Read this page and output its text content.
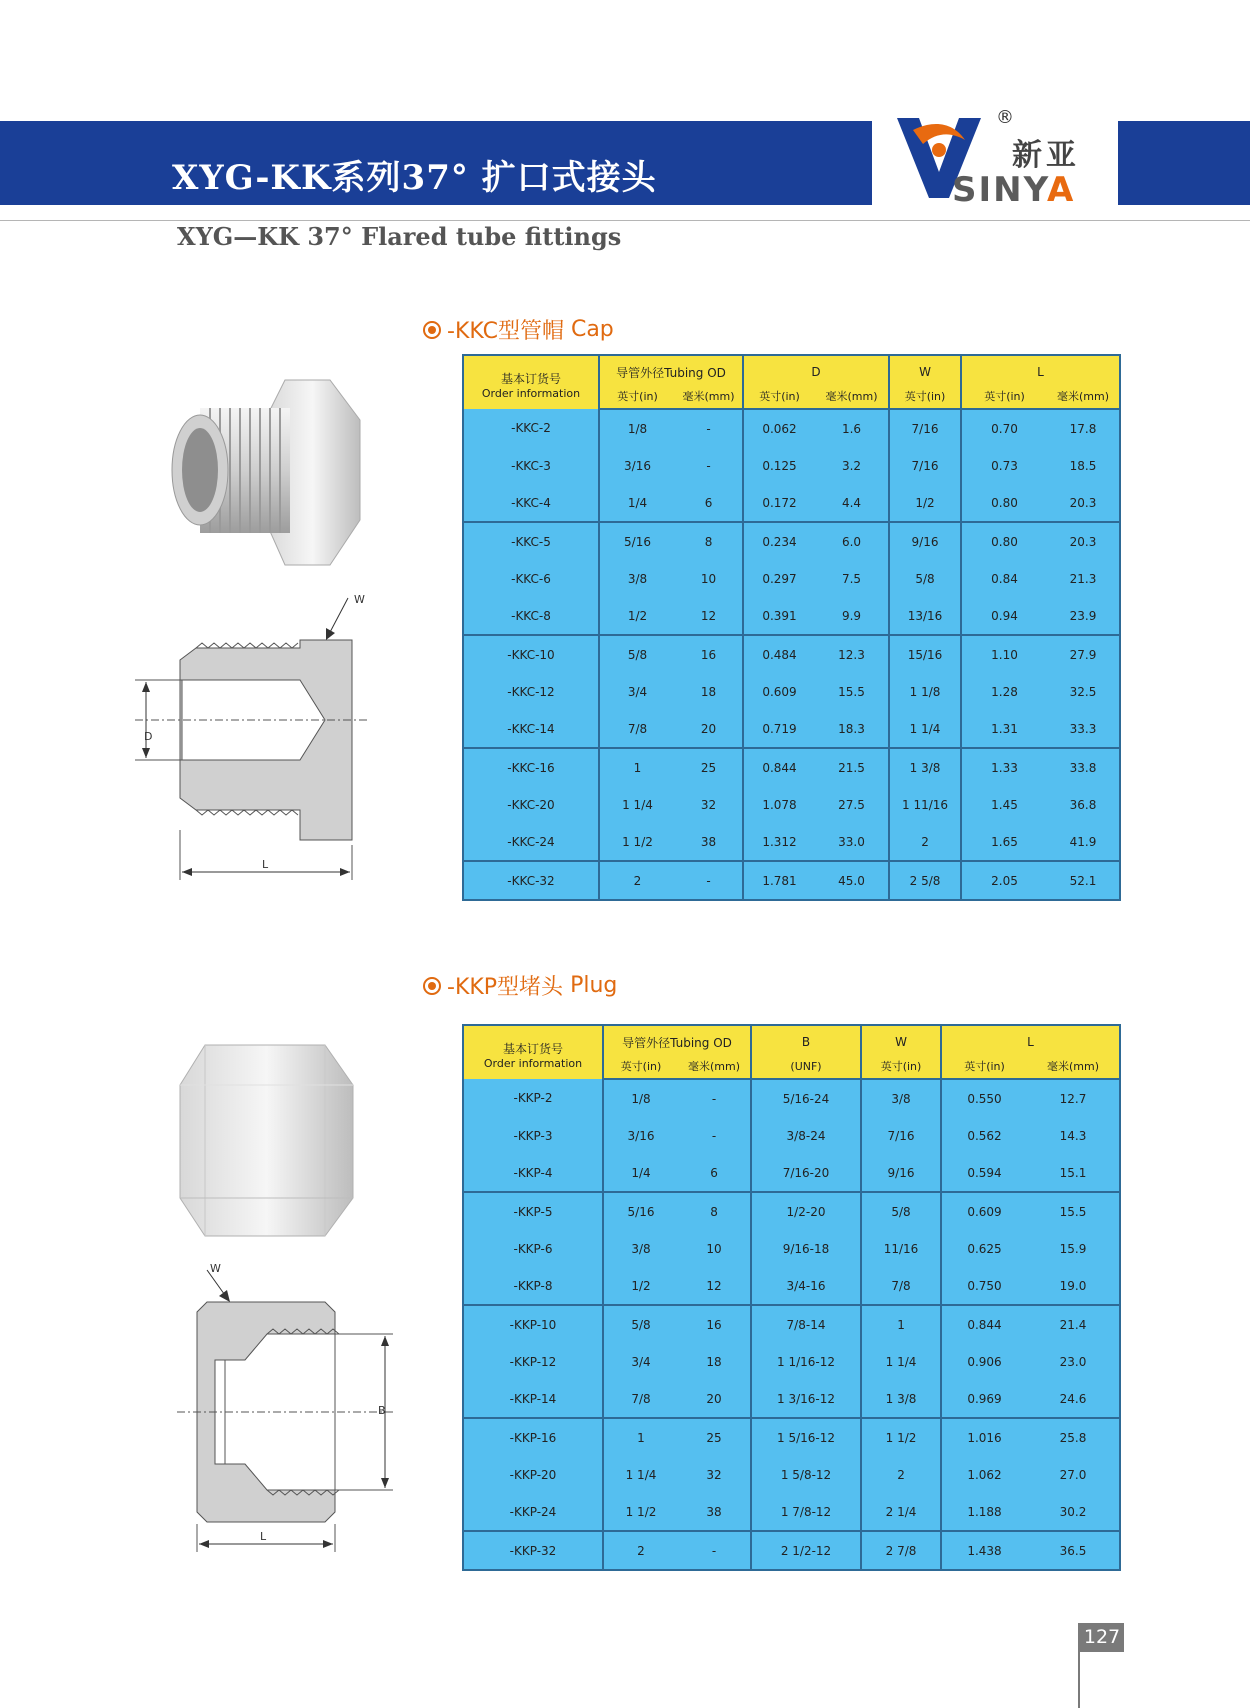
XYG-KK系列37° 扩口式接头
XYG—KK 37° Flared tube fittings
®
新亚
SINYA
-KKC型管帽
Cap
W
D
L
基本订货号
Order information	导管外径Tubing OD		D		W	L	
	英寸(in)	毫米(mm)	英寸(in)	毫米(mm)	英寸(in)	英寸(in)	毫米(mm)
-KKC-2	1/8	-	0.062	1.6	7/16	0.70	17.8
-KKC-3	3/16	-	0.125	3.2	7/16	0.73	18.5
-KKC-4	1/4	6	0.172	4.4	1/2	0.80	20.3
-KKC-5	5/16	8	0.234	6.0	9/16	0.80	20.3
-KKC-6	3/8	10	0.297	7.5	5/8	0.84	21.3
-KKC-8	1/2	12	0.391	9.9	13/16	0.94	23.9
-KKC-10	5/8	16	0.484	12.3	15/16	1.10	27.9
-KKC-12	3/4	18	0.609	15.5	1 1/8	1.28	32.5
-KKC-14	7/8	20	0.719	18.3	1 1/4	1.31	33.3
-KKC-16	1	25	0.844	21.5	1 3/8	1.33	33.8
-KKC-20	1 1/4	32	1.078	27.5	1 11/16	1.45	36.8
-KKC-24	1 1/2	38	1.312	33.0	2	1.65	41.9
-KKC-32	2	-	1.781	45.0	2 5/8	2.05	52.1
-KKP型堵头
Plug
W
B
L
基本订货号
Order information	导管外径Tubing OD		B	W	L	
	英寸(in)	毫米(mm)	(UNF)	英寸(in)	英寸(in)	毫米(mm)
-KKP-2	1/8	-	5/16-24	3/8	0.550	12.7
-KKP-3	3/16	-	3/8-24	7/16	0.562	14.3
-KKP-4	1/4	6	7/16-20	9/16	0.594	15.1
-KKP-5	5/16	8	1/2-20	5/8	0.609	15.5
-KKP-6	3/8	10	9/16-18	11/16	0.625	15.9
-KKP-8	1/2	12	3/4-16	7/8	0.750	19.0
-KKP-10	5/8	16	7/8-14	1	0.844	21.4
-KKP-12	3/4	18	1 1/16-12	1 1/4	0.906	23.0
-KKP-14	7/8	20	1 3/16-12	1 3/8	0.969	24.6
-KKP-16	1	25	1 5/16-12	1 1/2	1.016	25.8
-KKP-20	1 1/4	32	1 5/8-12	2	1.062	27.0
-KKP-24	1 1/2	38	1 7/8-12	2 1/4	1.188	30.2
-KKP-32	2	-	2 1/2-12	2 7/8	1.438	36.5
127
